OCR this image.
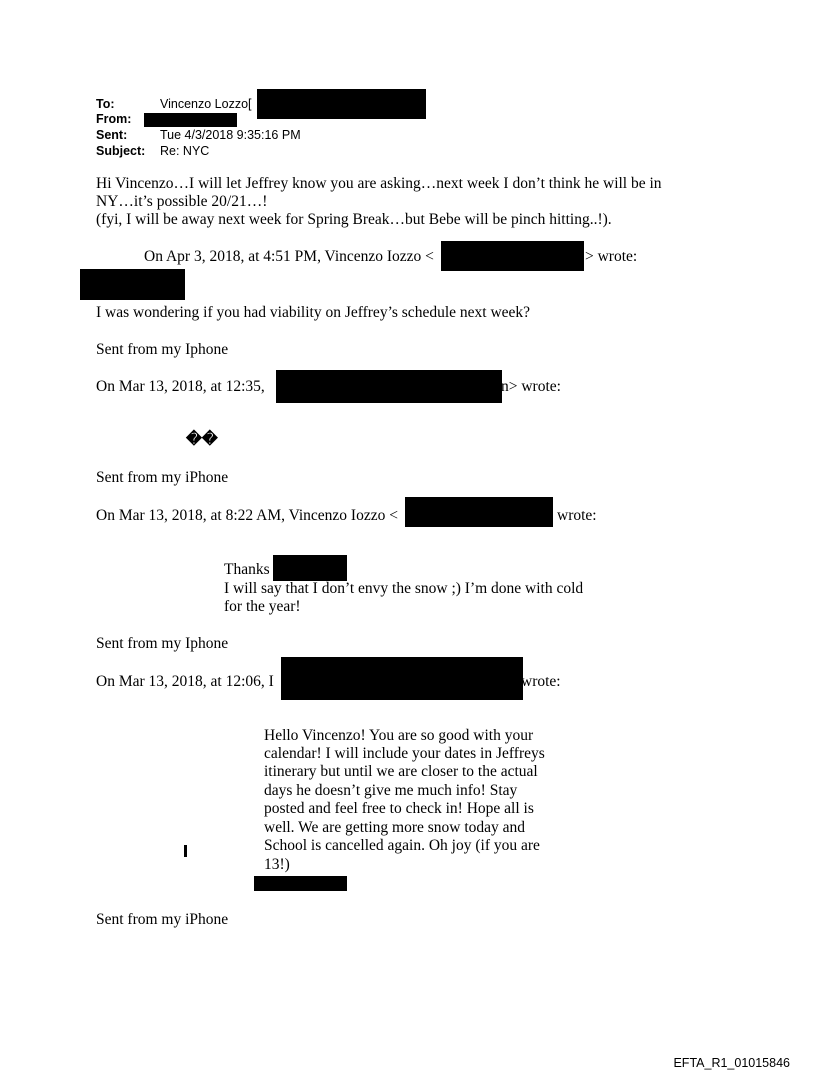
To:	Vincenzo Lozzo[
From:
Sent:	Tue 4/3/2018 9:35:16 PM
Subject: Re: NYC
Hi Vincenzo…I will let Jeffrey know you are asking…next week I don’t think he will be in
NY…it’s possible 20/21…!
(fyi, I will be away next week for Spring Break…but Bebe will be pinch hitting..!).
On Apr 3, 2018, at 4:51 PM, Vincenzo Iozzo <	> wrote:
I was wondering if you had viability on Jeffrey’s schedule next week?
Sent from my Iphone
On Mar 13, 2018, at 12:35,	n> wrote:
��
Sent from my iPhone
On Mar 13, 2018, at 8:22 AM, Vincenzo Iozzo <	wrote:
Thanks
I will say that I don’t envy the snow ;) I’m done with cold
for the year!
Sent from my Iphone
On Mar 13, 2018, at 12:06, I	wrote:
Hello Vincenzo! You are so good with your
calendar! I will include your dates in Jeffreys
itinerary but until we are closer to the actual
days he doesn’t give me much info! Stay
posted and feel free to check in! Hope all is
well. We are getting more snow today and
School is cancelled again. Oh joy (if you are
13!)
Sent from my iPhone
EFTA_R1_01015846
